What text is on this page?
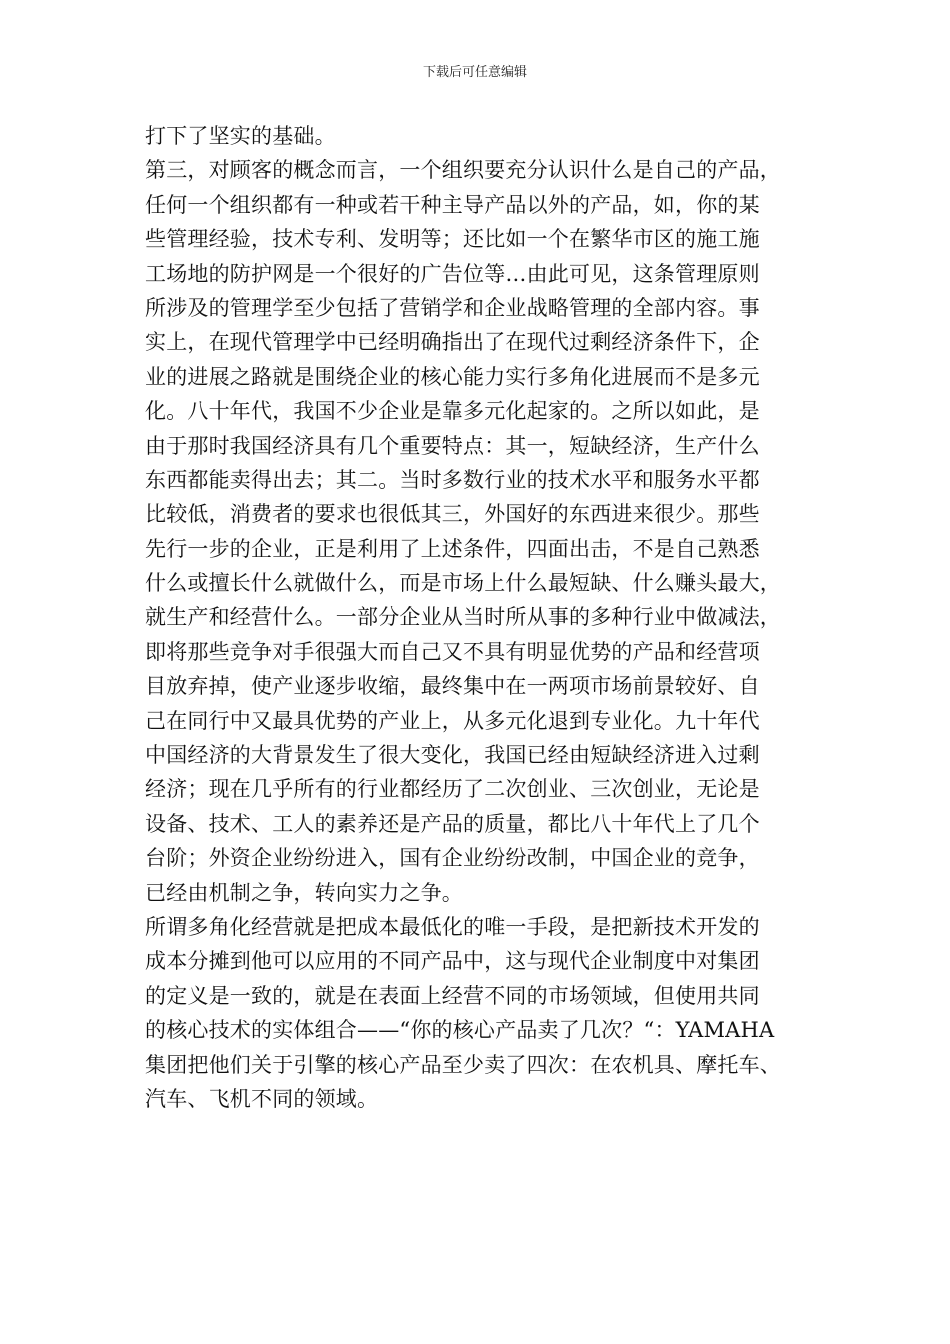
下载后可任意编辑
打下了坚实的基础。
第三，对顾客的概念而言，一个组织要充分认识什么是自己的产品，
任何一个组织都有一种或若干种主导产品以外的产品，如，你的某
些管理经验，技术专利、发明等；还比如一个在繁华市区的施工施
工场地的防护网是一个很好的广告位等…由此可见，这条管理原则
所涉及的管理学至少包括了营销学和企业战略管理的全部内容。事
实上，在现代管理学中已经明确指出了在现代过剩经济条件下，企
业的进展之路就是围绕企业的核心能力实行多角化进展而不是多元
化。八十年代，我国不少企业是靠多元化起家的。之所以如此，是
由于那时我国经济具有几个重要特点：其一，短缺经济，生产什么
东西都能卖得出去；其二。当时多数行业的技术水平和服务水平都
比较低，消费者的要求也很低其三，外国好的东西进来很少。那些
先行一步的企业，正是利用了上述条件，四面出击，不是自己熟悉
什么或擅长什么就做什么，而是市场上什么最短缺、什么赚头最大，
就生产和经营什么。一部分企业从当时所从事的多种行业中做减法，
即将那些竞争对手很强大而自己又不具有明显优势的产品和经营项
目放弃掉，使产业逐步收缩，最终集中在一两项市场前景较好、自
己在同行中又最具优势的产业上，从多元化退到专业化。九十年代
中国经济的大背景发生了很大变化，我国已经由短缺经济进入过剩
经济；现在几乎所有的行业都经历了二次创业、三次创业，无论是
设备、技术、工人的素养还是产品的质量，都比八十年代上了几个
台阶；外资企业纷纷进入，国有企业纷纷改制，中国企业的竞争，
已经由机制之争，转向实力之争。
所谓多角化经营就是把成本最低化的唯一手段，是把新技术开发的
成本分摊到他可以应用的不同产品中，这与现代企业制度中对集团
的定义是一致的，就是在表面上经营不同的市场领域，但使用共同
的核心技术的实体组合——“你的核心产品卖了几次？“：YAMAHA
集团把他们关于引擎的核心产品至少卖了四次：在农机具、摩托车、
汽车、飞机不同的领域。
